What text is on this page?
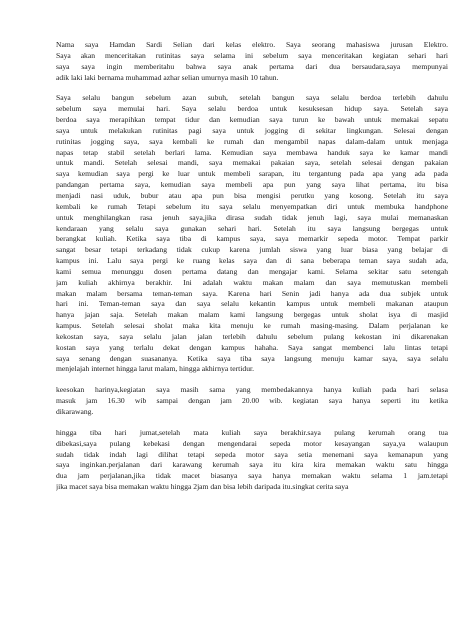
Nama saya Hamdan Sardi Selian dari kelas elektro. Saya seorang mahasiswa jurusan Elektro.
Saya akan menceritakan rutinitas saya selama ini sebelum saya menceritakan kegiatan sehari hari
saya saya ingin memberitahu bahwa saya anak pertama dari dua bersaudara,saya mempunyai
adik laki laki bernama muhammad azhar selian umurnya masih 10 tahun.

Saya selalu bangun sebelum azan subuh, setelah bangun saya selalu berdoa terlebih dahulu
sebelum saya memulai hari. Saya selalu berdoa untuk kesuksesan hidup saya. Setelah saya
berdoa saya merapihkan tempat tidur dan kemudian saya turun ke bawah untuk memakai sepatu
saya untuk melakukan rutinitas pagi saya untuk jogging di sekitar lingkungan. Selesai dengan
rutinitas jogging saya, saya kembali ke rumah dan mengambil napas dalam-dalam untuk menjaga
napas tetap stabil setelah berlari lama. Kemudian saya membawa handuk saya ke kamar mandi
untuk mandi. Setelah selesai mandi, saya memakai pakaian saya, setelah selesai dengan pakaian
saya kemudian saya pergi ke luar untuk membeli sarapan, itu tergantung pada apa yang ada pada
pandangan pertama saya, kemudian saya membeli apa pun yang saya lihat pertama, itu bisa
menjadi nasi uduk, bubur atau apa pun bisa mengisi perutku yang kosong. Setelah itu saya
kembali ke rumah Tetapi sebelum itu saya selalu menyempatkan diri untuk membuka handphone
untuk menghilangkan rasa jenuh saya,jika dirasa sudah tidak jenuh lagi, saya mulai memanaskan
kendaraan yang selalu saya gunakan sehari hari. Setelah itu saya langsung bergegas untuk
berangkat kuliah. Ketika saya tiba di kampus saya, saya memarkir sepeda motor. Tempat parkir
sangat besar tetapi terkadang tidak cukup karena jumlah siswa yang luar biasa yang belajar di
kampus ini. Lalu saya pergi ke ruang kelas saya dan di sana beberapa teman saya sudah ada,
kami semua menunggu dosen pertama datang dan mengajar kami. Selama sekitar satu setengah
jam kuliah akhirnya berakhir. Ini adalah waktu makan malam dan saya memutuskan membeli
makan malam bersama teman-teman saya. Karena hari Senin jadi hanya ada dua subjek untuk
hari ini. Teman-teman saya dan saya selalu kekantin kampus untuk membeli makanan ataupun
hanya jajan saja. Setelah makan malam kami langsung bergegas untuk sholat isya di masjid
kampus. Setelah selesai sholat maka kita menuju ke rumah masing-masing. Dalam perjalanan ke
kekostan saya, saya selalu jalan jalan terlebih dahulu sebelum pulang kekostan ini dikarenakan
kostan saya yang terlalu dekat dengan kampus hahaha. Saya sangat membenci lalu lintas tetapi
saya senang dengan suasananya. Ketika saya tiba saya langsung menuju kamar saya, saya selalu
menjelajah internet hingga larut malam, hingga akhirnya tertidur.

keesokan harinya,kegiatan saya masih sama yang membedakannya hanya kuliah pada hari selasa
masuk jam 16.30 wib sampai dengan jam 20.00 wib. kegiatan saya hanya seperti itu ketika
dikarawang.

hingga tiba hari jumat,setelah mata kuliah saya berakhir.saya pulang kerumah orang tua
dibekasi,saya pulang kebekasi dengan mengendarai sepeda motor kesayangan saya,ya walaupun
sudah tidak indah lagi dilihat tetapi sepeda motor saya setia menemani saya kemanapun yang
saya inginkan.perjalanan dari karawang kerumah saya itu kira kira memakan waktu satu hingga
dua jam perjalanan,jika tidak macet biasanya saya hanya memakan waktu selama 1 jam.tetapi
jika macet saya bisa memakan waktu hingga 2jam dan bisa lebih daripada itu.singkat cerita saya
